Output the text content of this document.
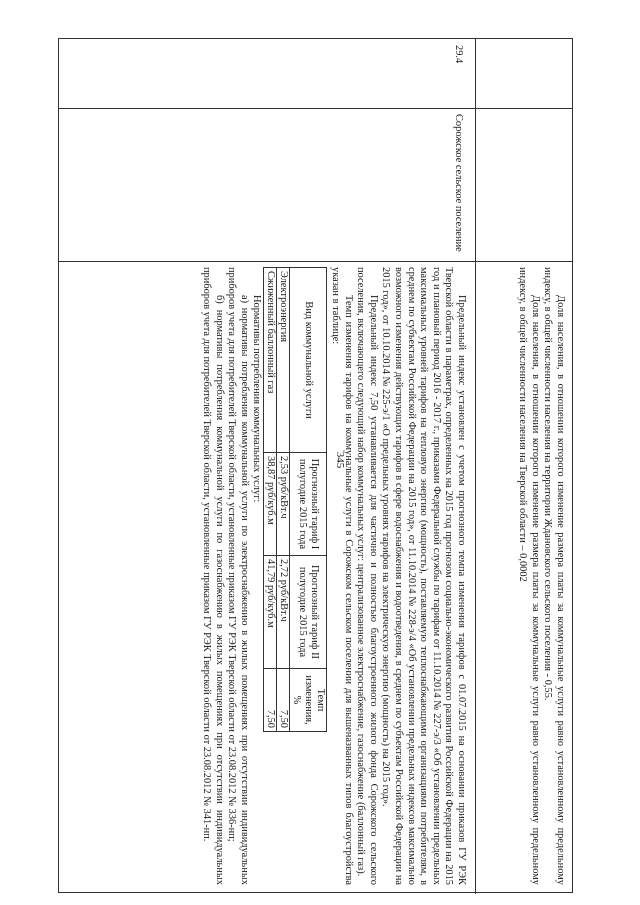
345
29.4
Сорожское сельское поселение

Доля населения, в отношении которого изменение размера платы за коммунальные услуги равно установленному предельному индексу, в общей численности населения на территории Ждановского сельского поселения - 0,55.

Доля населения, в отношении которого изменение размера платы за коммунальные услуги равно установленному предельному индексу, в общей численности населения на Тверской области – 0,0002

Предельный индекс установлен с учетом прогнозного темпа изменения тарифов с 01.07.2015 на основании приказов ГУ РЭК Тверской области в параметрах, определенных на 2015 год прогнозом социально-экономического развития Российской Федерации на 2015 год и плановый период 2016 - 2017 г., приказами Федеральной службы по тарифам от 11.10.2014 № 227-э/3 «Об установлении предельных максимальных уровней тарифов на тепловую энергию (мощность), поставляемую теплоснабжающими организациями потребителям, в среднем по субъектам Российской Федерации на 2015 год», от 11.10.2014 № 228-э/4 «Об установлении предельных индексов максимально возможного изменения действующих тарифов в сфере водоснабжения и водоотведения, в среднем по субъектам Российской Федерации на 2015 год», от 10.10.2014 № 225-э/1 «О предельных уровнях тарифов на электрическую энергию (мощность) на 2015 год».

Предельный индекс 7,50 устанавливается для частично и полностью благоустроенного жилого фонда Сорожского сельского поселения, включающего следующий набор коммунальных услуг: централизованное электроснабжение, газоснабжение (баллонный газ).

Темп изменения тарифов на коммунальные услуги в Сорожском сельском поселении для вышеназванных типов благоустройства указан в таблице:

Вид коммунальной услуги	Прогнозный тариф I полугодие 2015 года	Прогнозный тариф II полугодие 2015 года	Темп изменения, %
Электроэнергия	2,53 руб/кВт.ч	2,72 руб/кВт.ч	7,50
Сжиженный баллонный газ	38,87 руб/куб.м	41,79 руб/куб.м	7,50

Нормативы потребления коммунальных услуг:

а) нормативы потребления коммунальной услуги по электроснабжению в жилых помещениях при отсутствии индивидуальных приборов учета для потребителей Тверской области, установленные приказом ГУ РЭК Тверской области от 23.08.2012 № 336-нп;

б) нормативы потребления коммунальной услуги по газоснабжению в жилых помещениях при отсутствии индивидуальных приборов учета для потребителей Тверской области, установленные приказом ГУ РЭК Тверской области от 23.08.2012 № 341-нп.
